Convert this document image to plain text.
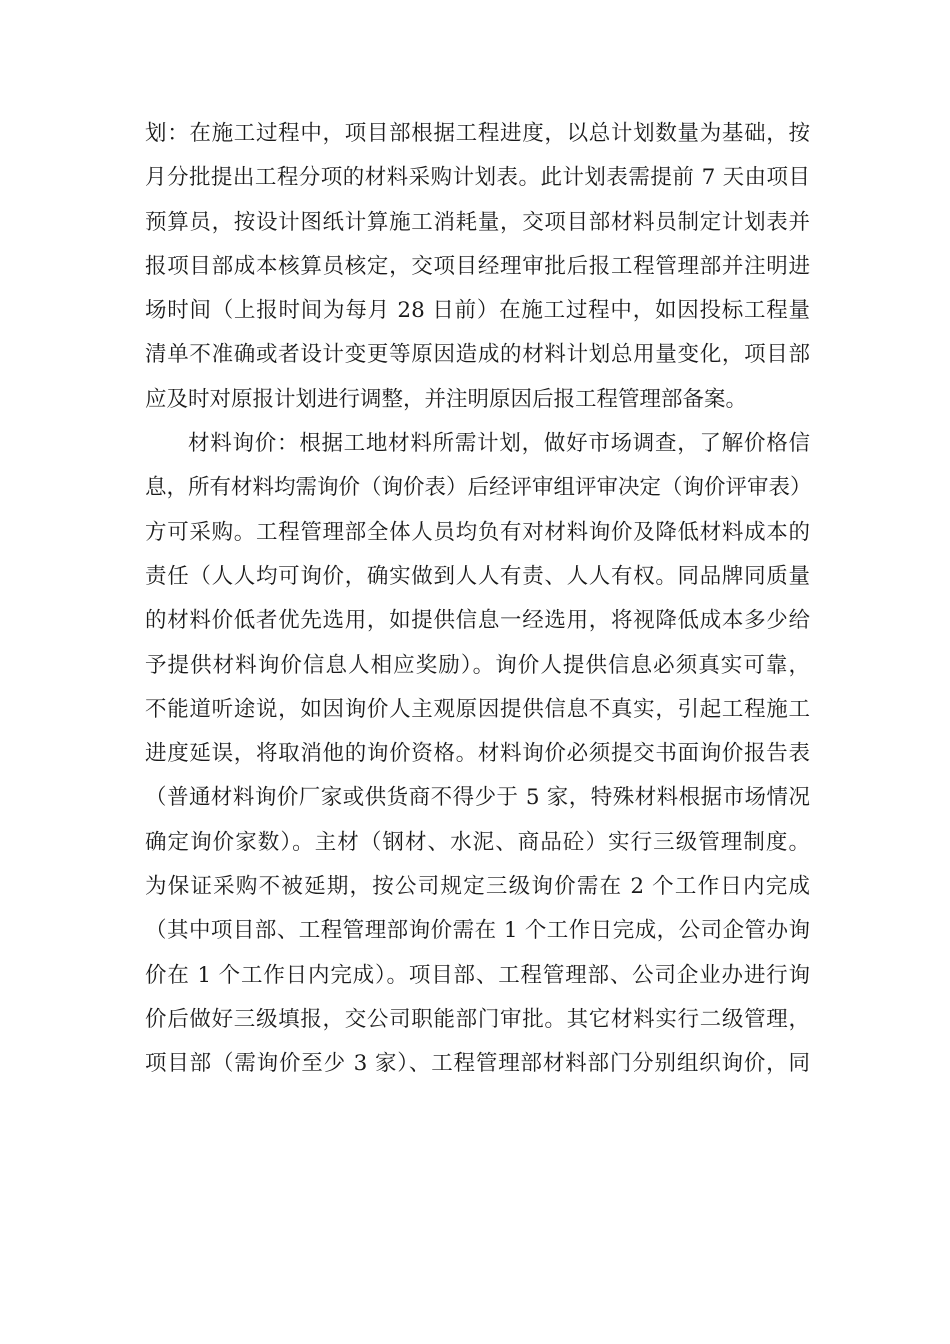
划：在施工过程中，项目部根据工程进度，以总计划数量为基础，按
月分批提出工程分项的材料采购计划表。此计划表需提前 7 天由项目
预算员，按设计图纸计算施工消耗量，交项目部材料员制定计划表并
报项目部成本核算员核定，交项目经理审批后报工程管理部并注明进
场时间（上报时间为每月 28 日前）在施工过程中，如因投标工程量
清单不准确或者设计变更等原因造成的材料计划总用量变化，项目部
应及时对原报计划进行调整，并注明原因后报工程管理部备案。
材料询价：根据工地材料所需计划，做好市场调查，了解价格信
息，所有材料均需询价（询价表）后经评审组评审决定（询价评审表）
方可采购。工程管理部全体人员均负有对材料询价及降低材料成本的
责任（人人均可询价，确实做到人人有责、人人有权。同品牌同质量
的材料价低者优先选用，如提供信息一经选用，将视降低成本多少给
予提供材料询价信息人相应奖励）。询价人提供信息必须真实可靠，
不能道听途说，如因询价人主观原因提供信息不真实，引起工程施工
进度延误，将取消他的询价资格。材料询价必须提交书面询价报告表
（普通材料询价厂家或供货商不得少于 5 家，特殊材料根据市场情况
确定询价家数）。主材（钢材、水泥、商品砼）实行三级管理制度。
为保证采购不被延期，按公司规定三级询价需在 2 个工作日内完成
（其中项目部、工程管理部询价需在 1 个工作日完成，公司企管办询
价在 1 个工作日内完成）。项目部、工程管理部、公司企业办进行询
价后做好三级填报，交公司职能部门审批。其它材料实行二级管理，
项目部（需询价至少 3 家）、工程管理部材料部门分别组织询价，同
